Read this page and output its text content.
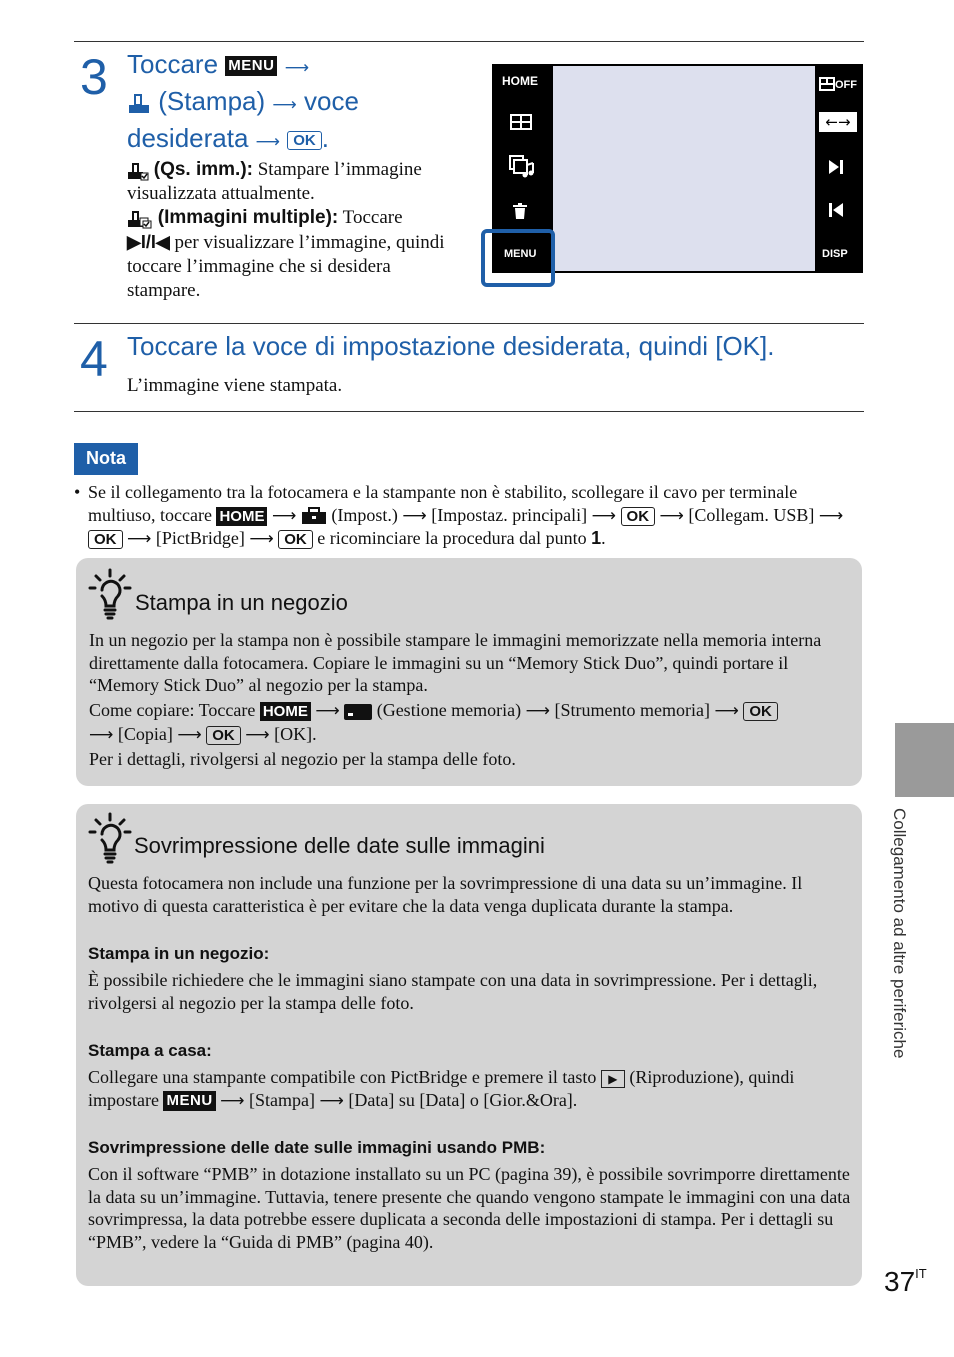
3 Toccare MENU ⟶
(Stampa) ⟶ voce
desiderata ⟶ OK .
(Qs. imm.): Stampare l’immagine visualizzata attualmente.
(Immagini multiple): Toccare
▶I/I◀ per visualizzare l’immagine, quindi toccare l’immagine che si desidera stampare.
HOME
MENU
OFF
←→
DISP
4 Toccare la voce di impostazione desiderata, quindi [OK].
L’immagine viene stampata.
Nota
• Se il collegamento tra la fotocamera e la stampante non è stabilito, scollegare il cavo per terminale multiuso, toccare HOME ⟶ (Impost.) ⟶ [Impostaz. principali] ⟶ OK ⟶ [Collegam. USB] ⟶ OK ⟶ [PictBridge] ⟶ OK e ricominciare la procedura dal punto 1.
Stampa in un negozio
In un negozio per la stampa non è possibile stampare le immagini memorizzate nella memoria interna direttamente dalla fotocamera. Copiare le immagini su un “Memory Stick Duo”, quindi portare il “Memory Stick Duo” al negozio per la stampa.
Come copiare: Toccare HOME ⟶ (Gestione memoria) ⟶ [Strumento memoria] ⟶ OK
⟶ [Copia] ⟶ OK ⟶ [OK].
Per i dettagli, rivolgersi al negozio per la stampa delle foto.
Sovrimpressione delle date sulle immagini
Questa fotocamera non include una funzione per la sovrimpressione di una data su un’immagine. Il motivo di questa caratteristica è per evitare che la data venga duplicata durante la stampa.
Stampa in un negozio:
È possibile richiedere che le immagini siano stampate con una data in sovrimpressione. Per i dettagli, rivolgersi al negozio per la stampa delle foto.
Stampa a casa:
Collegare una stampante compatibile con PictBridge e premere il tasto ▶ (Riproduzione), quindi impostare MENU ⟶ [Stampa] ⟶ [Data] su [Data] o [Gior.&Ora].
Sovrimpressione delle date sulle immagini usando PMB:
Con il software “PMB” in dotazione installato su un PC (pagina 39), è possibile sovrimporre direttamente la data su un’immagine. Tuttavia, tenere presente che quando vengono stampate le immagini con una data sovrimpressa, la data potrebbe essere duplicata a seconda delle impostazioni di stampa. Per i dettagli su “PMB”, vedere la “Guida di PMB” (pagina 40).
Collegamento ad altre periferiche
$37^{IT}$
